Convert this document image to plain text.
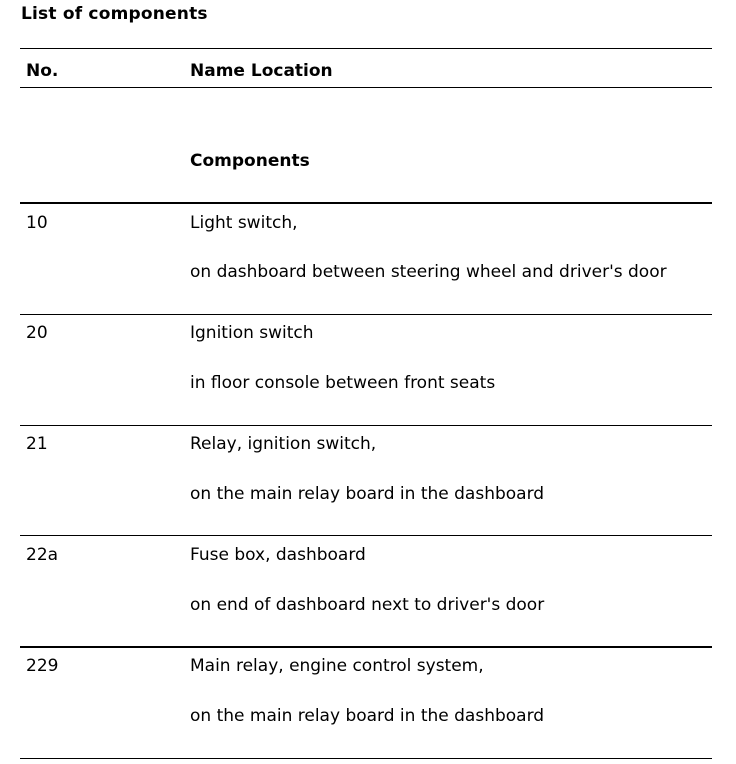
List of components
No.	Name Location
Components
10	Light switch,
on dashboard between steering wheel and driver's door
20	Ignition switch
in floor console between front seats
21	Relay, ignition switch,
on the main relay board in the dashboard
22a	Fuse box, dashboard
on end of dashboard next to driver's door
229	Main relay, engine control system,
on the main relay board in the dashboard
